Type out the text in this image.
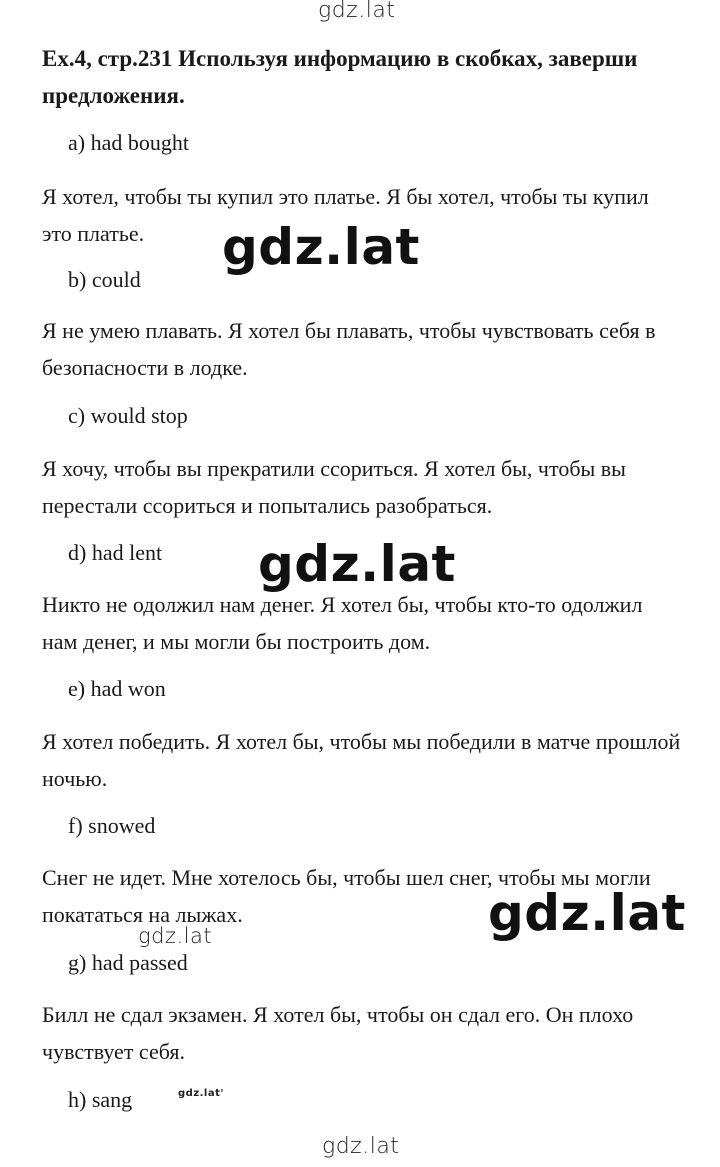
gdz.lat
Ex.4, стр.231 Используя информацию в скобках, заверши предложения.
a) had bought
Я хотел, чтобы ты купил это платье. Я бы хотел, чтобы ты купил это платье.
b) could
Я не умею плавать. Я хотел бы плавать, чтобы чувствовать себя в безопасности в лодке.
c) would stop
Я хочу, чтобы вы прекратили ссориться. Я хотел бы, чтобы вы перестали ссориться и попытались разобраться.
d) had lent
Никто не одолжил нам денег. Я хотел бы, чтобы кто-то одолжил нам денег, и мы могли бы построить дом.
e) had won
Я хотел победить. Я хотел бы, чтобы мы победили в матче прошлой ночью.
f) snowed
Снег не идет. Мне хотелось бы, чтобы шел снег, чтобы мы могли покататься на лыжах.
g) had passed
Билл не сдал экзамен. Я хотел бы, чтобы он сдал его. Он плохо чувствует себя.
h) sang
gdz.lat
gdz.lat
gdz.lat
gdz.lat
gdz.lat'
gdz.lat
